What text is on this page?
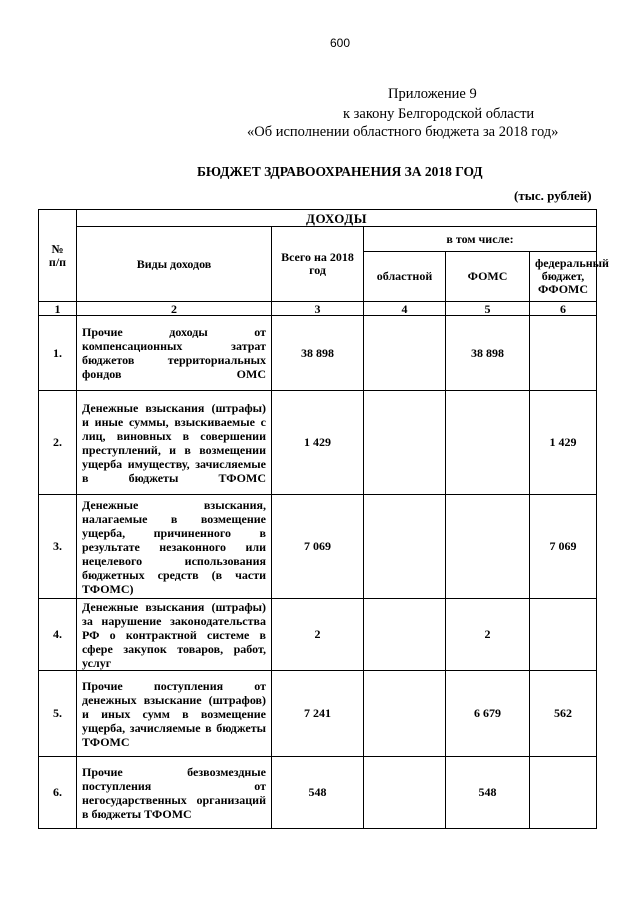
600
Приложение 9
к закону Белгородской области
«Об исполнении областного бюджета за 2018 год»
БЮДЖЕТ ЗДРАВООХРАНЕНИЯ ЗА 2018 ГОД
(тыс. рублей)
№
п/п	ДОХОДЫ				
	Виды доходов	Всего на 2018 год	в том числе:		
			областной	ФОМС	федеральный бюджет, ФФОМС
1	2	3	4	5	6
1.	Прочие доходы от компенсационных затрат бюджетов территориальных фондов ОМС	38 898		38 898	
2.	Денежные взыскания (штрафы) и иные суммы, взыскиваемые с лиц, виновных в совершении преступлений, и в возмещении ущерба имуществу, зачисляемые в бюджеты ТФОМС	1 429			1 429
3.	Денежные взыскания, налагаемые в возмещение ущерба, причиненного в результате незаконного или нецелевого использования бюджетных средств (в части ТФОМС)	7 069			7 069
4.	Денежные взыскания (штрафы) за нарушение законодательства РФ о контрактной системе в сфере закупок товаров, работ, услуг	2		2	
5.	Прочие поступления от денежных взыскание (штрафов) и иных сумм в возмещение ущерба, зачисляемые в бюджеты ТФОМС	7 241		6 679	562
6.	Прочие безвозмездные поступления от негосударственных организаций в бюджеты ТФОМС	548		548	
